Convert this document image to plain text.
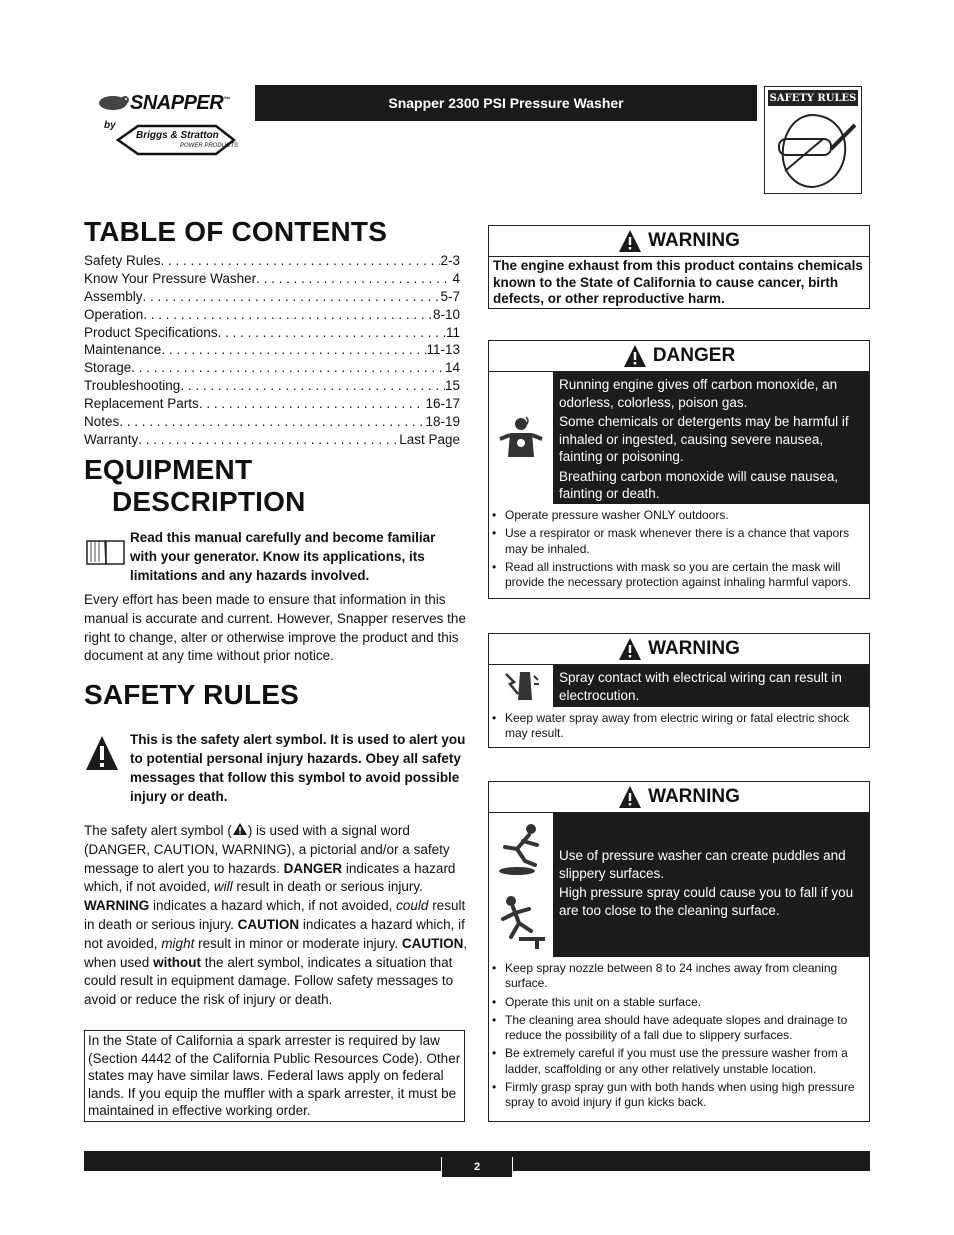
SNAPPER™
by
Briggs & Stratton
POWER PRODUCTS
Snapper 2300 PSI Pressure Washer	SAFETY RULES
TABLE OF CONTENTS
Safety Rules . . .	2-3
Know Your Pressure Washer . . .	4
Assembly . . .	5-7
Operation . . .	8-10
Product Specifications . . .	11
Maintenance . . .	11-13
Storage . . .	14
Troubleshooting . . .	15
Replacement Parts . . .	16-17
Notes . . .	18-19
Warranty . . .	Last Page
EQUIPMENT
DESCRIPTION
Read this manual carefully and become familiar with your generator. Know its applications, its limitations and any hazards involved.
Every effort has been made to ensure that information in this manual is accurate and current. However, Snapper reserves the right to change, alter or otherwise improve the product and this document at any time without prior notice.
SAFETY RULES
This is the safety alert symbol. It is used to alert you to potential personal injury hazards. Obey all safety messages that follow this symbol to avoid possible injury or death.
The safety alert symbol ( ) is used with a signal word (DANGER, CAUTION, WARNING), a pictorial and/or a safety message to alert you to hazards. DANGER indicates a hazard which, if not avoided, will result in death or serious injury. WARNING indicates a hazard which, if not avoided, could result in death or serious injury. CAUTION indicates a hazard which, if not avoided, might result in minor or moderate injury. CAUTION, when used without the alert symbol, indicates a situation that could result in equipment damage. Follow safety messages to avoid or reduce the risk of injury or death.
In the State of California a spark arrester is required by law (Section 4442 of the California Public Resources Code). Other states may have similar laws. Federal laws apply on federal lands. If you equip the muffler with a spark arrester, it must be maintained in effective working order.
WARNING
The engine exhaust from this product contains chemicals known to the State of California to cause cancer, birth defects, or other reproductive harm.
DANGER

Running engine gives off carbon monoxide, an odorless, colorless, poison gas.

Some chemicals or detergents may be harmful if inhaled or ingested, causing severe nausea, fainting or poisoning.

Breathing carbon monoxide will cause nausea, fainting or death.

• Operate pressure washer ONLY outdoors.
• Use a respirator or mask whenever there is a chance that vapors may be inhaled.
• Read all instructions with mask so you are certain the mask will provide the necessary protection against inhaling harmful vapors.
WARNING

Spray contact with electrical wiring can result in electrocution.

• Keep water spray away from electric wiring or fatal electric shock may result.
WARNING

Use of pressure washer can create puddles and slippery surfaces.

High pressure spray could cause you to fall if you are too close to the cleaning surface.

• Keep spray nozzle between 8 to 24 inches away from cleaning surface.
• Operate this unit on a stable surface.
• The cleaning area should have adequate slopes and drainage to reduce the possibility of a fall due to slippery surfaces.
• Be extremely careful if you must use the pressure washer from a ladder, scaffolding or any other relatively unstable location.
• Firmly grasp spray gun with both hands when using high pressure spray to avoid injury if gun kicks back.
2
